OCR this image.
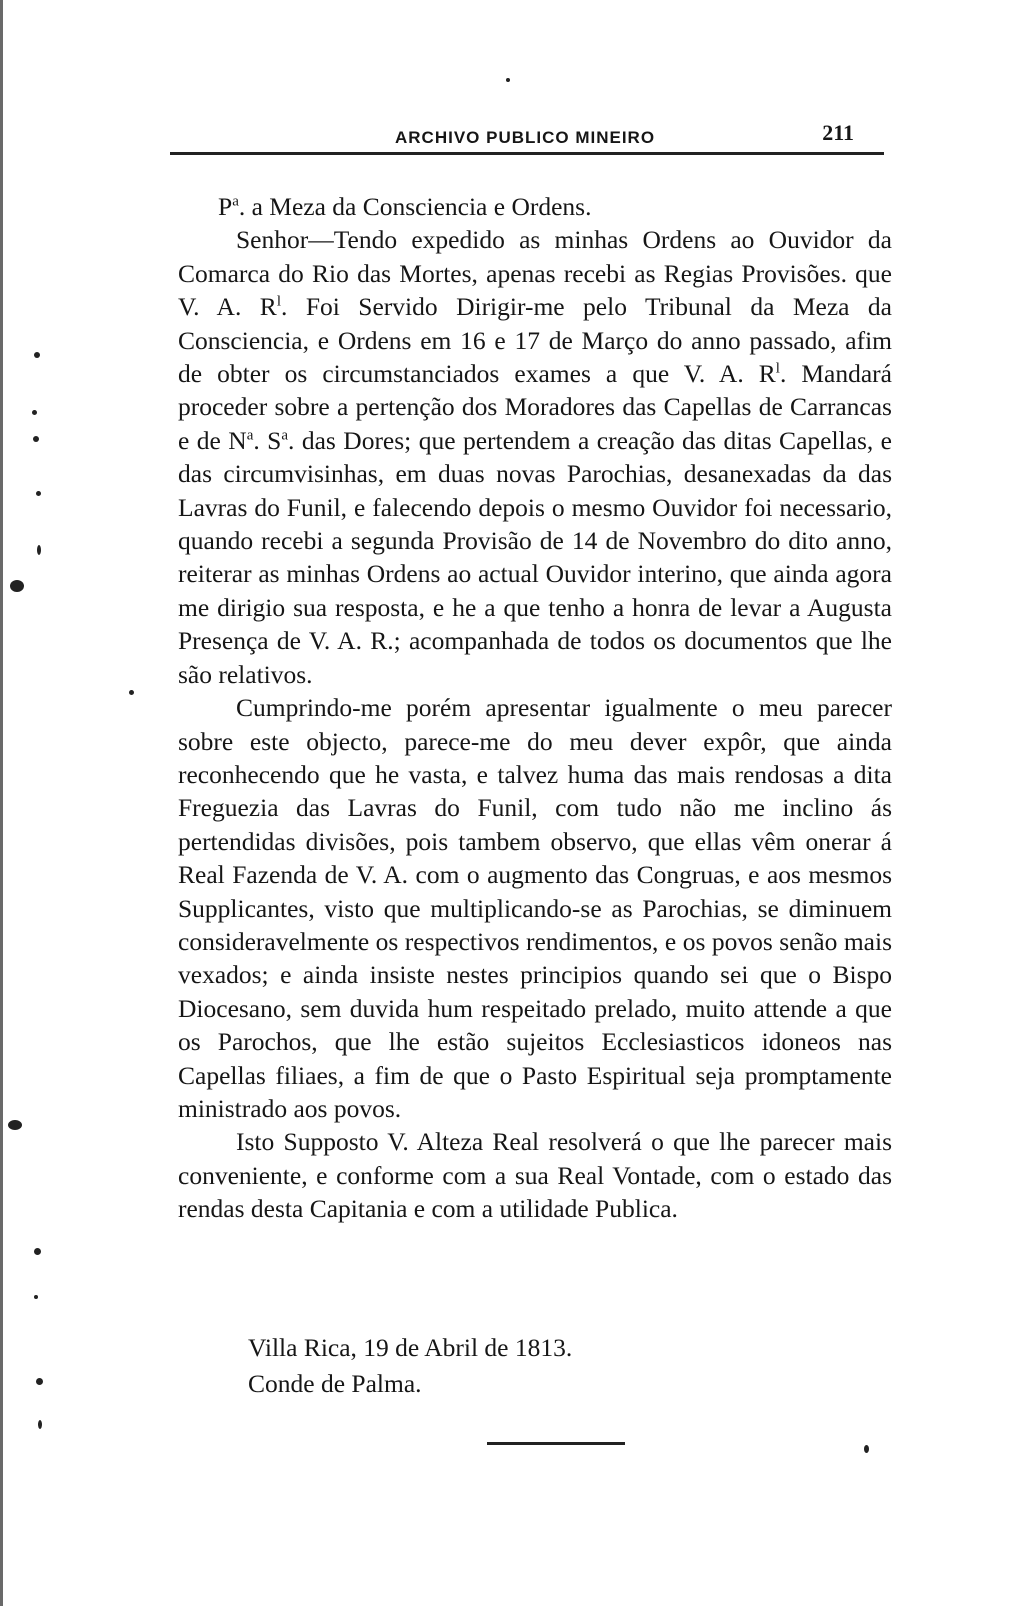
ARCHIVO PUBLICO MINEIRO	211

$P^a$. a Meza da Consciencia e Ordens.

Senhor—Tendo expedido as minhas Ordens ao Ouvidor da Comarca do Rio das Mortes, apenas recebi as Regias Provisões. que V. A. $R^l$. Foi Servido Dirigir-me pelo Tribunal da Meza da Consciencia, e Ordens em 16 e 17 de Março do anno passado, afim de obter os circumstanciados exames a que V. A. $R^l$. Mandará proceder sobre a pertenção dos Moradores das Capellas de Carrancas e de $N^a$. $S^a$. das Dores; que pertendem a creação das ditas Capellas, e das circumvisinhas, em duas novas Parochias, desanexadas da das Lavras do Funil, e falecendo depois o mesmo Ouvidor foi necessario, quando recebi a segunda Provisão de 14 de Novembro do dito anno, reiterar as minhas Ordens ao actual Ouvidor interino, que ainda agora me dirigio sua resposta, e he a que tenho a honra de levar a Augusta Presença de V. A. R.; acompanhada de todos os documentos que lhe são relativos.

Cumprindo-me porém apresentar igualmente o meu parecer sobre este objecto, parece-me do meu dever expôr, que ainda reconhecendo que he vasta, e talvez huma das mais rendosas a dita Freguezia das Lavras do Funil, com tudo não me inclino ás pertendidas divisões, pois tambem observo, que ellas vêm onerar á Real Fazenda de V. A. com o augmento das Congruas, e aos mesmos Supplicantes, visto que multiplicando-se as Parochias, se diminuem consideravelmente os respectivos rendimentos, e os povos senão mais vexados; e ainda insiste nestes principios quando sei que o Bispo Diocesano, sem duvida hum respeitado prelado, muito attende a que os Parochos, que lhe estão sujeitos Ecclesiasticos idoneos nas Capellas filiaes, a fim de que o Pasto Espiritual seja promptamente ministrado aos povos.

Isto Supposto V. Alteza Real resolverá o que lhe parecer mais conveniente, e conforme com a sua Real Vontade, com o estado das rendas desta Capitania e com a utilidade Publica.

Villa Rica, 19 de Abril de 1813.
Conde de Palma.
